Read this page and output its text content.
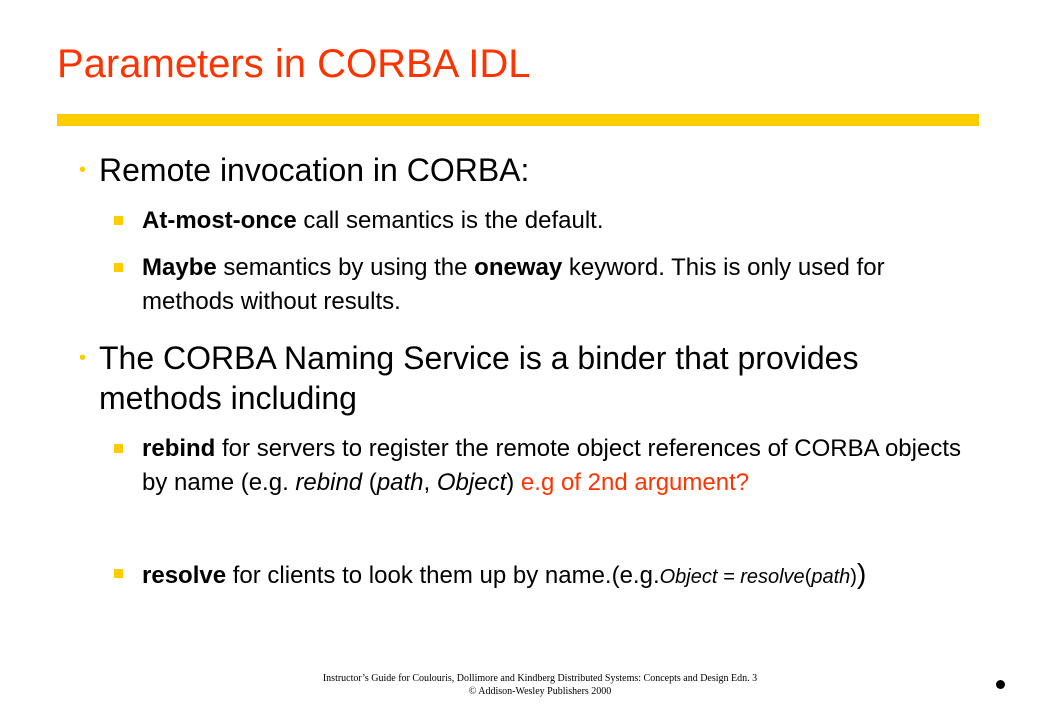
Parameters in CORBA IDL
• Remote invocation in CORBA:
At-most-once call semantics is the default.
Maybe semantics by using the oneway keyword. This is only used for methods without results.
• The CORBA Naming Service is a binder that provides methods including
rebind for servers to register the remote object references of CORBA objects by name (e.g. rebind (path, Object) e.g of 2nd argument?
resolve for clients to look them up by name.(e.g.Object = resolve(path))
Instructor’s Guide for Coulouris, Dollimore and Kindberg Distributed Systems: Concepts and Design Edn. 3
© Addison-Wesley Publishers 2000
